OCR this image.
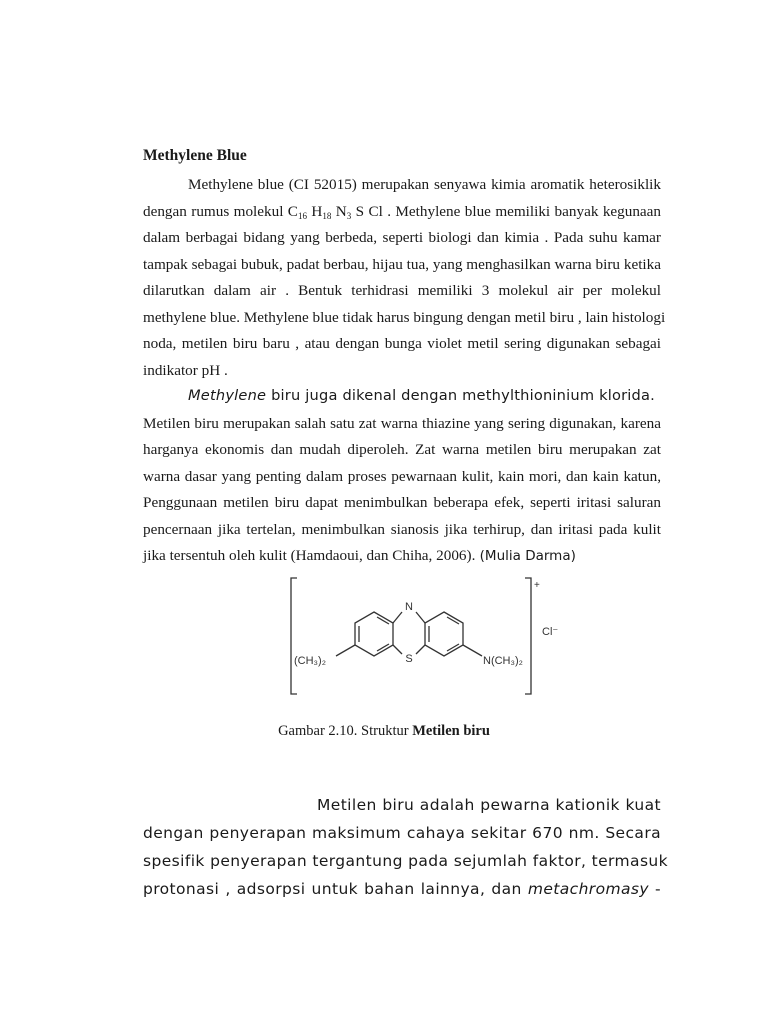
Methylene Blue
Methylene blue (CI 52015) merupakan senyawa kimia aromatik heterosiklik
dengan rumus molekul $C_{16}$ $H_{18}$ $N_3$ S Cl . Methylene blue memiliki banyak kegunaan
dalam berbagai bidang yang berbeda, seperti biologi dan kimia . Pada suhu kamar
tampak sebagai bubuk, padat berbau, hijau tua, yang menghasilkan warna biru ketika
dilarutkan dalam air . Bentuk terhidrasi memiliki 3 molekul air per molekul
methylene blue. Methylene blue tidak harus bingung dengan metil biru , lain histologi
noda, metilen biru baru , atau dengan bunga violet metil sering digunakan sebagai
indikator pH .
Methylene biru juga dikenal dengan methylthioninium klorida.
Metilen biru merupakan salah satu zat warna thiazine yang sering digunakan, karena
harganya ekonomis dan mudah diperoleh. Zat warna metilen biru merupakan zat
warna dasar yang penting dalam proses pewarnaan kulit, kain mori, dan kain katun,
Penggunaan metilen biru dapat menimbulkan beberapa efek, seperti iritasi saluran
pencernaan jika tertelan, menimbulkan sianosis jika terhirup, dan iritasi pada kulit
jika tersentuh oleh kulit (Hamdaoui, dan Chiha, 2006). (Mulia Darma)
N
S
(CH₃)₂	N(CH₃)₂
+
Cl⁻
Gambar 2.10. Struktur Metilen biru
Metilen biru adalah pewarna kationik kuat
dengan penyerapan maksimum cahaya sekitar 670 nm. Secara
spesifik penyerapan tergantung pada sejumlah faktor, termasuk
protonasi , adsorpsi untuk bahan lainnya, dan metachromasy -
